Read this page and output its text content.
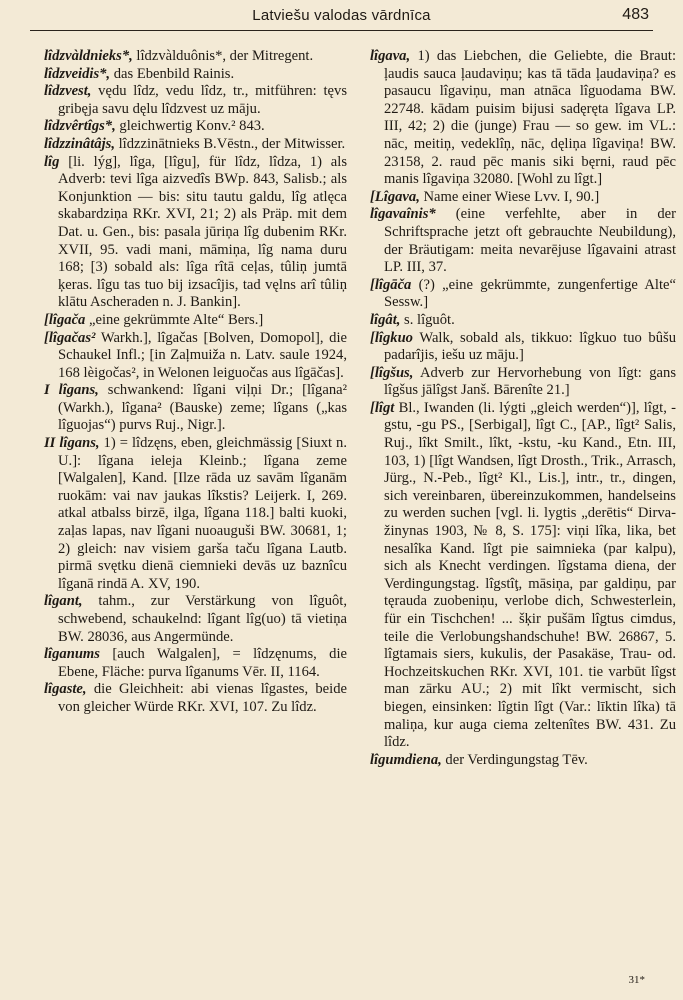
Latviešu valodas vārdnīca	483

lîdzvàldnieks*, lîdzvàlduônis*, der Mitregent.

lîdzveidis*, das Ebenbild Rainis.

lîdzvest, vędu lîdz, vedu lîdz, tr., mitführen: tęvs gribęja savu dęlu lîdzvest uz māju.

lîdzvêrtîgs*, gleichwertig Konv.² 843.

lîdzzinâtâjs, lîdzzinātnieks B.Vēstn., der Mitwisser.

lîg [li. lýg], lîga, [lîgu], für lîdz, lîdza, 1) als Adverb: tevi lîga aizvedîs BWp. 843, Salisb.; als Konjunktion — bis: situ tautu galdu, lîg atlęca skabardziņa RKr. XVI, 21; 2) als Präp. mit dem Dat. u. Gen., bis: pasala jūriņa lîg dubenim RKr. XVII, 95. vadi mani, māmiņa, lîg nama duru 168; [3) sobald als: lîga rîtā ceļas, tûliņ jumtā ķeras. lîgu tas tuo bij izsacîjis, tad vęlns arî tûliņ klātu Ascheraden n. J. Bankin].

[lîgača „eine gekrümmte Alte“ Bers.]

[lîgačas² Warkh.], lîgačas [Bolven, Domopol], die Schaukel Infl.; [in Zaļmuiža n. Latv. saule 1924, 168 lèigočas², in Welonen leiguočas aus lîgāčas].

I lîgans, schwankend: lîgani viļņi Dr.; [lîgana² (Warkh.), lîgana² (Bauske) zeme; lîgans („kas lîguojas“) purvs Ruj., Nigr.].

II lîgans, 1) = lîdzęns, eben, gleichmässig [Siuxt n. U.]: lîgana ieleja Kleinb.; lîgana zeme [Walgalen], Kand. [Ilze rāda uz savām lîganām ruokām: vai nav jaukas lîkstis? Leijerk. I, 269. atkal atbalss birzē, ilga, lîgana 118.] balti kuoki, zaļas lapas, nav lîgani nuoauguši BW. 30681, 1; 2) gleich: nav visiem garša taču lîgana Lautb. pirmā svętku dienā ciemnieki devās uz baznîcu lîganā rindā A. XV, 190.

lîgant, tahm., zur Verstärkung von lîguôt, schwebend, schaukelnd: lîgant lîg(uo) tā vietiņa BW. 28036, aus Angermünde.

lîganums [auch Walgalen], = lîdzęnums, die Ebene, Fläche: purva lîganums Vēr. II, 1164.

lîgaste, die Gleichheit: abi vienas lîgastes, beide von gleicher Würde RKr. XVI, 107. Zu lîdz.

lîgava, 1) das Liebchen, die Geliebte, die Braut: ļaudis sauca ļaudaviņu; kas tā tāda ļaudaviņa? es pasaucu lîgaviņu, man atnāca lîguodama BW. 22748. kādam puisim bijusi sadęręta lîgava LP. III, 42; 2) die (junge) Frau — so gew. im VL.: nāc, meitiņ, vedeklîņ, nāc, dęliņa lîgaviņa! BW. 23158, 2. raud pēc manis siki bęrni, raud pēc manis lîgaviņa 32080. [Wohl zu lîgt.]

[Lîgava, Name einer Wiese Lvv. I, 90.]

lîgavaînis* (eine verfehlte, aber in der Schriftsprache jetzt oft gebrauchte Neubildung), der Bräutigam: meita nevarējuse lîgavaini atrast LP. III, 37.

[lîgāča (?) „eine gekrümmte, zungenfertige Alte“ Sessw.]

lîgât, s. lîguôt.

[lîgkuo Walk, sobald als, tikkuo: lîgkuo tuo bûšu padarîjis, iešu uz māju.]

[lîgšus, Adverb zur Hervorhebung von lîgt: gans lîgšus jālîgst Janš. Bārenîte 21.]

[lîgt Bl., Iwanden (li. lýgti „gleich werden“)], lîgt, -gstu, -gu PS., [Serbigal], lîgt C., [AP., lîgt² Salis, Ruj., lîkt Smilt., lîkt, -kstu, -ku Kand., Etn. III, 103, 1) [lîgt Wandsen, lîgt Drosth., Trik., Arrasch, Jürg., N.-Peb., lîgt² Kl., Lis.], intr., tr., dingen, sich vereinbaren, übereinzukommen, handelseins zu werden suchen [vgl. li. lygtis „derētis“ Dirva-žinynas 1903, № 8, S. 175]: viņi lîka, lika, bet nesalîka Kand. lîgt pie saimnieka (par kalpu), sich als Knecht verdingen. lîgstama diena, der Verdingungstag. lîgstîţ, māsiņa, par galdiņu, par tęrauda zuobeniņu, verlobe dich, Schwesterlein, für ein Tischchen! ... šķir pušām lîgtus cimdus, teile die Verlobungshandschuhe! BW. 26867, 5. lîgtamais siers, kukulis, der Pasakäse, Trau- od. Hochzeitskuchen RKr. XVI, 101. tie varbūt lîgst man zārku AU.; 2) mit lîkt vermischt, sich biegen, einsinken: lîgtin lîgt (Var.: līktin lîka) tā maliņa, kur auga ciema zeltenîtes BW. 431. Zu lîdz.

lîgumdiena, der Verdingungstag Tēv.

31*
